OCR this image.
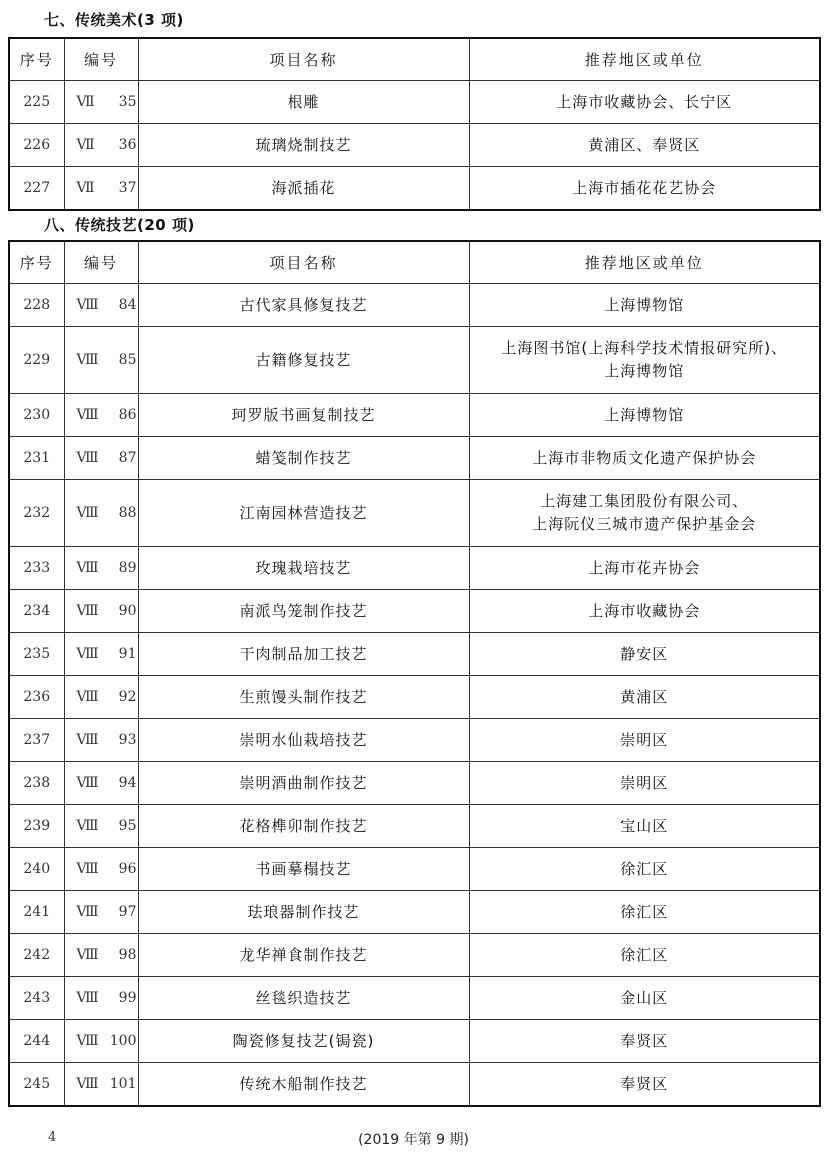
七、传统美术(3 项)
序号	编号	项目名称	推荐地区或单位
225	Ⅶ 35	根雕	上海市收藏协会、长宁区

226	Ⅶ 36	琉璃烧制技艺	黄浦区、奉贤区

227	Ⅶ 37	海派插花	上海市插花花艺协会
八、传统技艺(20 项)
序号	编号	项目名称	推荐地区或单位
228	Ⅷ 84	古代家具修复技艺	上海博物馆

229	Ⅷ 85	古籍修复技艺	上海图书馆(上海科学技术情报研究所)、
上海博物馆

230	Ⅷ 86	珂罗版书画复制技艺	上海博物馆

231	Ⅷ 87	蜡笺制作技艺	上海市非物质文化遗产保护协会

232	Ⅷ 88	江南园林营造技艺	上海建工集团股份有限公司、
上海阮仪三城市遗产保护基金会

233	Ⅷ 89	玫瑰栽培技艺	上海市花卉协会

234	Ⅷ 90	南派鸟笼制作技艺	上海市收藏协会

235	Ⅷ 91	干肉制品加工技艺	静安区

236	Ⅷ 92	生煎馒头制作技艺	黄浦区

237	Ⅷ 93	崇明水仙栽培技艺	崇明区

238	Ⅷ 94	崇明酒曲制作技艺	崇明区

239	Ⅷ 95	花格榫卯制作技艺	宝山区

240	Ⅷ 96	书画摹榻技艺	徐汇区

241	Ⅷ 97	珐琅器制作技艺	徐汇区

242	Ⅷ 98	龙华禅食制作技艺	徐汇区

243	Ⅷ 99	丝毯织造技艺	金山区

244	Ⅷ 100	陶瓷修复技艺(锔瓷)	奉贤区

245	Ⅷ 101	传统木船制作技艺	奉贤区
4	(2019 年第 9 期)
